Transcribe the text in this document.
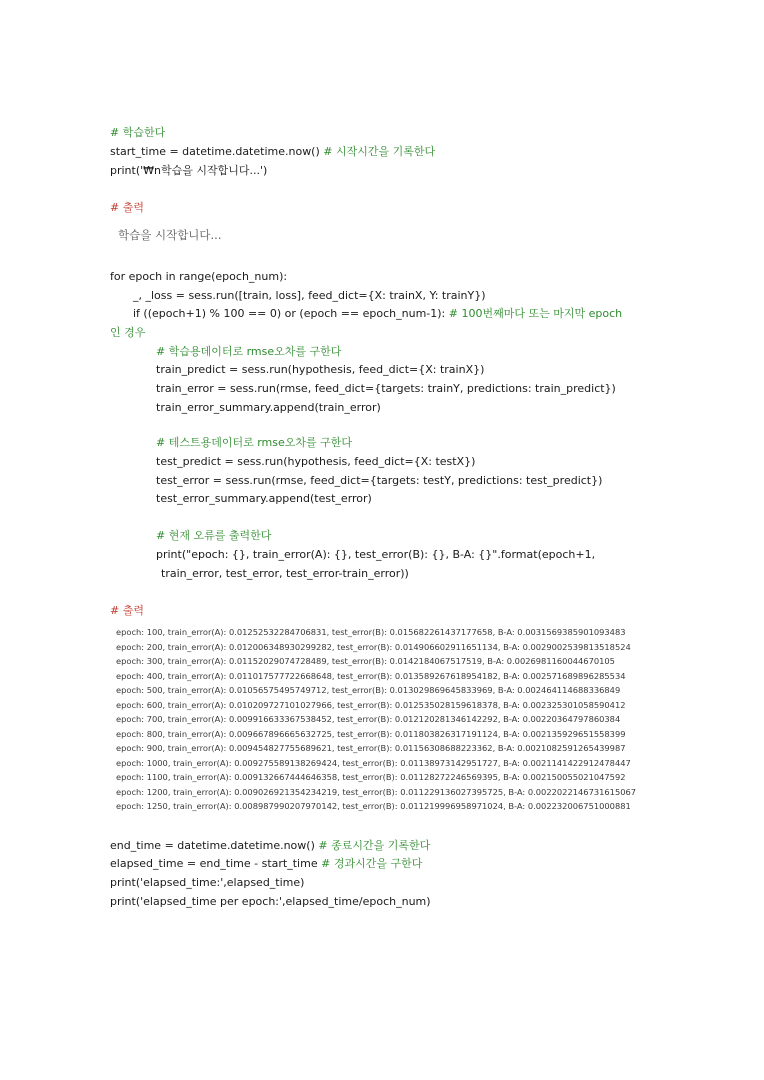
# 학습한다
start_time = datetime.datetime.now() # 시작시간을 기록한다
print('₩n학습을 시작합니다...')
# 출력
학습을 시작합니다...
for epoch in range(epoch_num):
_, _loss = sess.run([train, loss], feed_dict={X: trainX, Y: trainY})
if ((epoch+1) % 100 == 0) or (epoch == epoch_num-1): # 100번째마다 또는 마지막 epoch
인 경우
# 학습용데이터로 rmse오차를 구한다
train_predict = sess.run(hypothesis, feed_dict={X: trainX})
train_error = sess.run(rmse, feed_dict={targets: trainY, predictions: train_predict})
train_error_summary.append(train_error)
# 테스트용데이터로 rmse오차를 구한다
test_predict = sess.run(hypothesis, feed_dict={X: testX})
test_error = sess.run(rmse, feed_dict={targets: testY, predictions: test_predict})
test_error_summary.append(test_error)
# 현재 오류를 출력한다
print("epoch: {}, train_error(A): {}, test_error(B): {}, B-A: {}".format(epoch+1,
train_error, test_error, test_error-train_error))
# 출력
epoch: 100, train_error(A): 0.01252532284706831, test_error(B): 0.015682261437177658, B-A: 0.0031569385901093483
epoch: 200, train_error(A): 0.012006348930299282, test_error(B): 0.014906602911651134, B-A: 0.0029002539813518524
epoch: 300, train_error(A): 0.01152029074728489, test_error(B): 0.0142184067517519, B-A: 0.0026981160044670105
epoch: 400, train_error(A): 0.011017577722668648, test_error(B): 0.013589267618954182, B-A: 0.002571689896285534
epoch: 500, train_error(A): 0.01056575495749712, test_error(B): 0.013029869645833969, B-A: 0.002464114688336849
epoch: 600, train_error(A): 0.010209727101027966, test_error(B): 0.012535028159618378, B-A: 0.002325301058590412
epoch: 700, train_error(A): 0.009916633367538452, test_error(B): 0.012120281346142292, B-A: 0.00220364797860384
epoch: 800, train_error(A): 0.009667896665632725, test_error(B): 0.011803826317191124, B-A: 0.002135929651558399
epoch: 900, train_error(A): 0.009454827755689621, test_error(B): 0.01156308688223362, B-A: 0.0021082591265439987
epoch: 1000, train_error(A): 0.009275589138269424, test_error(B): 0.01138973142951727, B-A: 0.0021141422912478447
epoch: 1100, train_error(A): 0.009132667444646358, test_error(B): 0.01128272246569395, B-A: 0.002150055021047592
epoch: 1200, train_error(A): 0.009026921354234219, test_error(B): 0.011229136027395725, B-A: 0.0022022146731615067
epoch: 1250, train_error(A): 0.008987990207970142, test_error(B): 0.011219996958971024, B-A: 0.002232006751000881
end_time = datetime.datetime.now() # 종료시간을 기록한다
elapsed_time = end_time - start_time # 경과시간을 구한다
print('elapsed_time:',elapsed_time)
print('elapsed_time per epoch:',elapsed_time/epoch_num)
